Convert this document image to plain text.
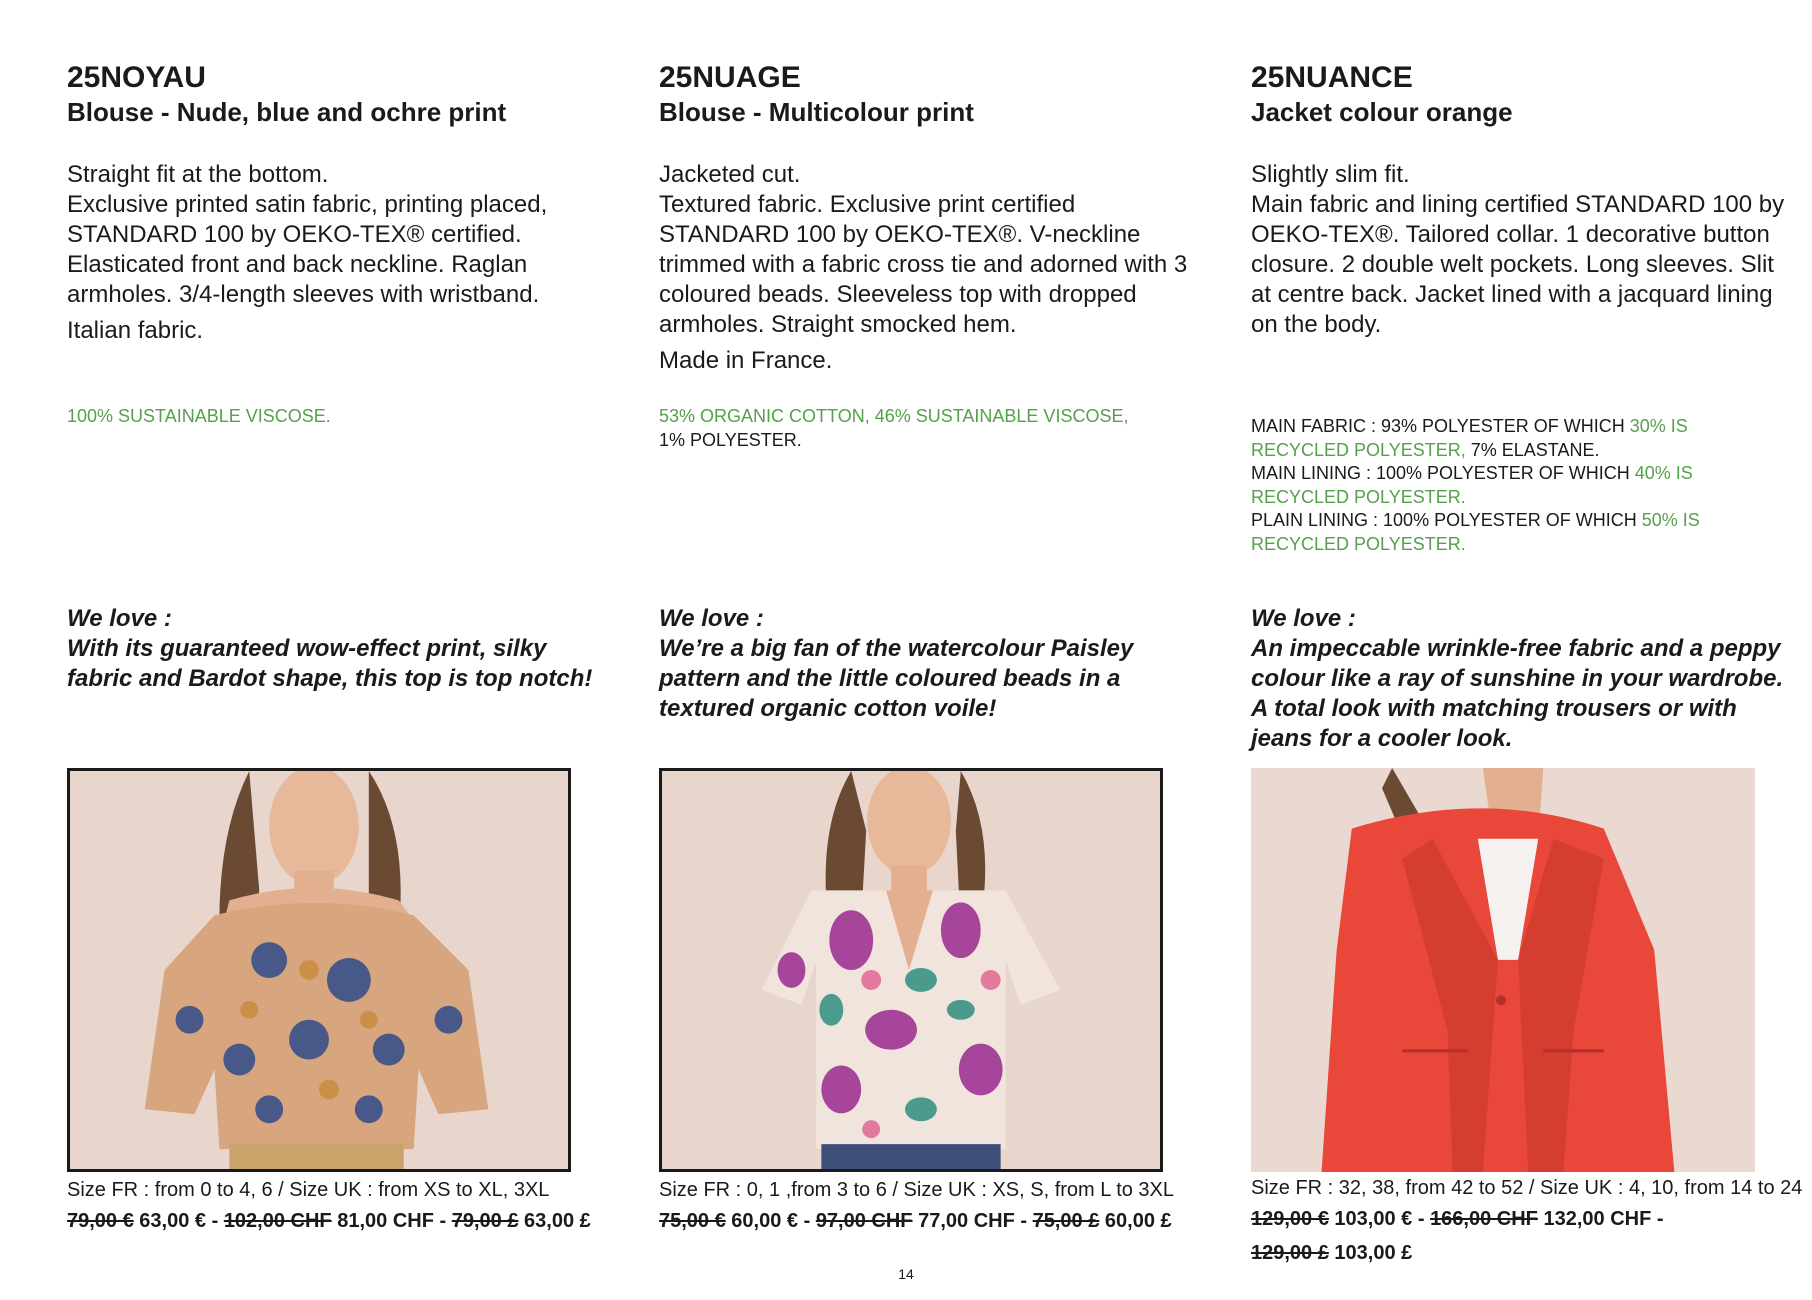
25NOYAU
Blouse - Nude, blue and ochre print

Straight fit at the bottom.

Exclusive printed satin fabric, printing placed, STANDARD 100 by OEKO-TEX® certified. Elasticated front and back neckline. Raglan armholes. 3/4-length sleeves with wristband.

Italian fabric.

100% SUSTAINABLE VISCOSE.

We love :

With its guaranteed wow-effect print, silky fabric and Bardot shape, this top is top notch!

Size FR : from 0 to 4, 6 / Size UK : from XS to XL, 3XL
79,00 € 63,00 € - 102,00 CHF 81,00 CHF - 79,00 £ 63,00 £
25NUAGE
Blouse - Multicolour print

Jacketed cut.

Textured fabric. Exclusive print certified STANDARD 100 by OEKO-TEX®. V-neckline trimmed with a fabric cross tie and adorned with 3 coloured beads. Sleeveless top with dropped armholes. Straight smocked hem.

Made in France.

53% ORGANIC COTTON, 46% SUSTAINABLE VISCOSE,
1% POLYESTER.

We love :

We’re a big fan of the watercolour Paisley pattern and the little coloured beads in a textured organic cotton voile!

Size FR : 0, 1 ,from 3 to 6 / Size UK : XS, S, from L to 3XL
75,00 € 60,00 € - 97,00 CHF 77,00 CHF - 75,00 £ 60,00 £
25NUANCE
Jacket colour orange

Slightly slim fit.

Main fabric and lining certified STANDARD 100 by OEKO-TEX®. Tailored collar. 1 decorative button closure. 2 double welt pockets. Long sleeves. Slit at centre back. Jacket lined with a jacquard lining on the body.

MAIN FABRIC : 93% POLYESTER OF WHICH 30% IS
RECYCLED POLYESTER, 7% ELASTANE.
MAIN LINING : 100% POLYESTER OF WHICH 40% IS
RECYCLED POLYESTER.
PLAIN LINING : 100% POLYESTER OF WHICH 50% IS
RECYCLED POLYESTER.

We love :

An impeccable wrinkle-free fabric and a peppy colour like a ray of sunshine in your wardrobe. A total look with matching trousers or with jeans for a cooler look.

Size FR : 32, 38, from 42 to 52 / Size UK : 4, 10, from 14 to 24
129,00 € 103,00 € - 166,00 CHF 132,00 CHF -
129,00 £ 103,00 £
14
